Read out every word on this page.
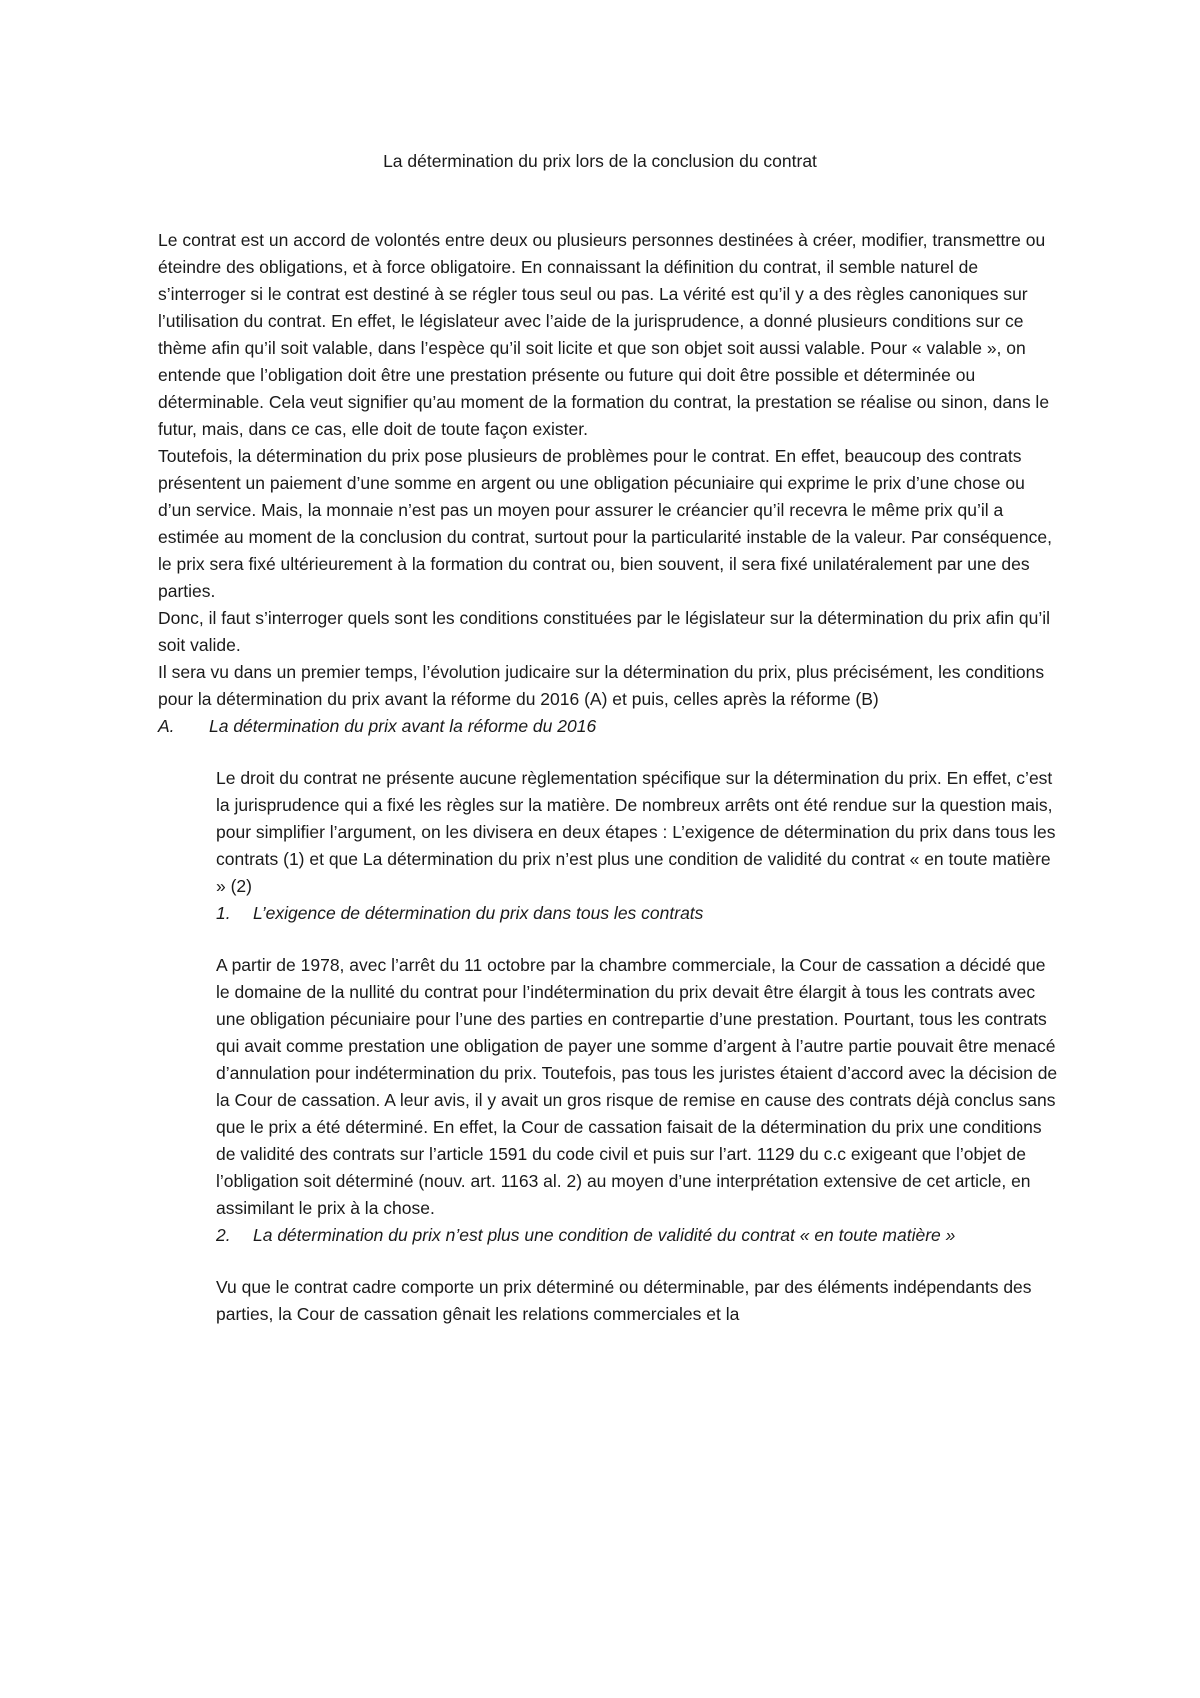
La détermination du prix lors de la conclusion du contrat

Le contrat est un accord de volontés entre deux ou plusieurs personnes destinées à créer, modifier, transmettre ou éteindre des obligations, et à force obligatoire. En connaissant la définition du contrat, il semble naturel de s’interroger si le contrat est destiné à se régler tous seul ou pas. La vérité est qu’il y a des règles canoniques sur l’utilisation du contrat. En effet, le législateur avec l’aide de la jurisprudence, a donné plusieurs conditions sur ce thème afin qu’il soit valable, dans l’espèce qu’il soit licite et que son objet soit aussi valable. Pour « valable », on entende que l’obligation doit être une prestation présente ou future qui doit être possible et déterminée ou déterminable. Cela veut signifier qu’au moment de la formation du contrat, la prestation se réalise ou sinon, dans le futur, mais, dans ce cas, elle doit de toute façon exister.

Toutefois, la détermination du prix pose plusieurs de problèmes pour le contrat. En effet, beaucoup des contrats présentent un paiement d’une somme en argent ou une obligation pécuniaire qui exprime le prix d’une chose ou d’un service. Mais, la monnaie n’est pas un moyen pour assurer le créancier qu’il recevra le même prix qu’il a estimée au moment de la conclusion du contrat, surtout pour la particularité instable de la valeur. Par conséquence, le prix sera fixé ultérieurement à la formation du contrat ou, bien souvent, il sera fixé unilatéralement par une des parties.

Donc, il faut s’interroger quels sont les conditions constituées par le législateur sur la détermination du prix afin qu’il soit valide.

Il sera vu dans un premier temps, l’évolution judicaire sur la détermination du prix, plus précisément, les conditions pour la détermination du prix avant la réforme du 2016 (A) et puis, celles après la réforme (B)

A.	La détermination du prix avant la réforme du 2016

Le droit du contrat ne présente aucune règlementation spécifique sur la détermination du prix. En effet, c’est la jurisprudence qui a fixé les règles sur la matière. De nombreux arrêts ont été rendue sur la question mais, pour simplifier l’argument, on les divisera en deux étapes : L’exigence de détermination du prix dans tous les contrats (1) et que La détermination du prix n’est plus une condition de validité du contrat « en toute matière » (2)

1.	L’exigence de détermination du prix dans tous les contrats

A partir de 1978, avec l’arrêt du 11 octobre par la chambre commerciale, la Cour de cassation a décidé que le domaine de la nullité du contrat pour l’indétermination du prix devait être élargit à tous les contrats avec une obligation pécuniaire pour l’une des parties en contrepartie d’une prestation. Pourtant, tous les contrats qui avait comme prestation une obligation de payer une somme d’argent à l’autre partie pouvait être menacé d’annulation pour indétermination du prix. Toutefois, pas tous les juristes étaient d’accord avec la décision de la Cour de cassation. A leur avis, il y avait un gros risque de remise en cause des contrats déjà conclus sans que le prix a été déterminé. En effet, la Cour de cassation faisait de la détermination du prix une conditions de validité des contrats sur l’article 1591 du code civil et puis sur l’art. 1129 du c.c exigeant que l’objet de l’obligation soit déterminé (nouv. art. 1163 al. 2) au moyen d’une interprétation extensive de cet article, en assimilant le prix à la chose.

2.	La détermination du prix n’est plus une condition de validité du contrat « en toute matière »

Vu que le contrat cadre comporte un prix déterminé ou déterminable, par des éléments indépendants des parties, la Cour de cassation gênait les relations commerciales et la
